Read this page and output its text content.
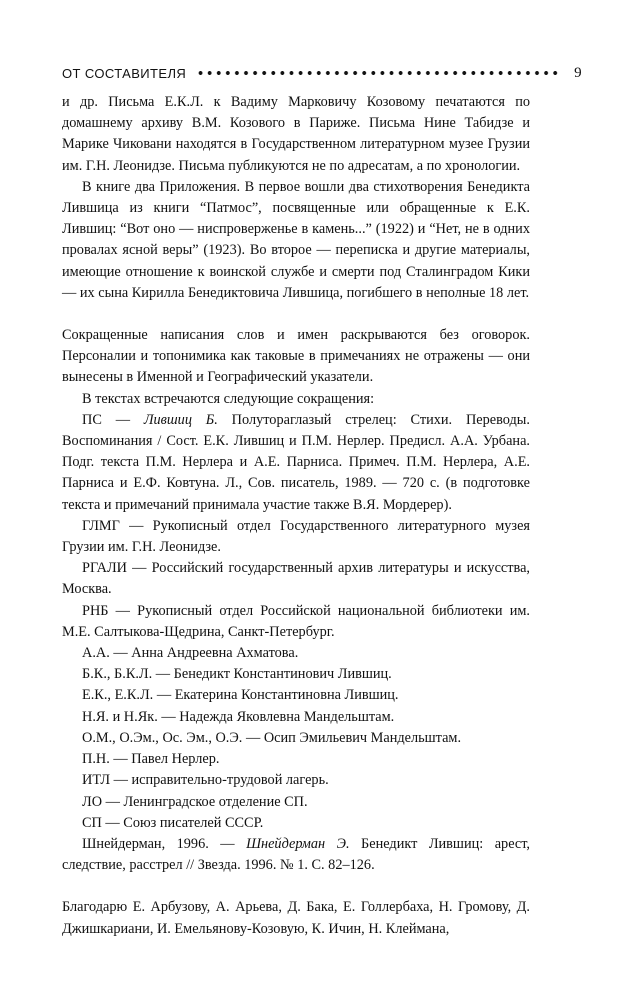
ОТ СОСТАВИТЕЛЯ	9

и др. Письма Е.К.Л. к Вадиму Марковичу Козовому печатаются по домашнему архиву В.М. Козового в Париже. Письма Нине Табидзе и Марике Чиковани находятся в Государственном литературном музее Грузии им. Г.Н. Леонидзе. Письма публикуются не по адресатам, а по хронологии.

В книге два Приложения. В первое вошли два стихотворения Бенедикта Лившица из книги “Патмос”, посвященные или обращенные к Е.К. Лившиц: “Вот оно — ниспроверженье в камень...” (1922) и “Нет, не в одних провалах ясной веры” (1923). Во второе — переписка и другие материалы, имеющие отношение к воинской службе и смерти под Сталинградом Кики — их сына Кирилла Бенедиктовича Лившица, погибшего в неполные 18 лет.

Сокращенные написания слов и имен раскрываются без оговорок. Персоналии и топонимика как таковые в примечаниях не отражены — они вынесены в Именной и Географический указатели.

В текстах встречаются следующие сокращения:

ПС — Лившиц Б. Полутораглазый стрелец: Стихи. Переводы. Воспоминания / Сост. Е.К. Лившиц и П.М. Нерлер. Предисл. А.А. Урбана. Подг. текста П.М. Нерлера и А.Е. Парниса. Примеч. П.М. Нерлера, А.Е. Парниса и Е.Ф. Ковтуна. Л., Сов. писатель, 1989. — 720 с. (в подготовке текста и примечаний принимала участие также В.Я. Мордерер).

ГЛМГ — Рукописный отдел Государственного литературного музея Грузии им. Г.Н. Леонидзе.

РГАЛИ — Российский государственный архив литературы и искусства, Москва.

РНБ — Рукописный отдел Российской национальной библиотеки им. М.Е. Салтыкова-Щедрина, Санкт-Петербург.

А.А. — Анна Андреевна Ахматова.

Б.К., Б.К.Л. — Бенедикт Константинович Лившиц.

Е.К., Е.К.Л. — Екатерина Константиновна Лившиц.

Н.Я. и Н.Як. — Надежда Яковлевна Мандельштам.

О.М., О.Эм., Ос. Эм., О.Э. — Осип Эмильевич Мандельштам.

П.Н. — Павел Нерлер.

ИТЛ — исправительно-трудовой лагерь.

ЛО — Ленинградское отделение СП.

СП — Союз писателей СССР.

Шнейдерман, 1996. — Шнейдерман Э. Бенедикт Лившиц: арест, следствие, расстрел // Звезда. 1996. № 1. С. 82–126.

Благодарю Е. Арбузову, А. Арьева, Д. Бака, Е. Голлербаха, Н. Громову, Д. Джишкариани, И. Емельянову-Козовую, К. Ичин, Н. Клеймана,
